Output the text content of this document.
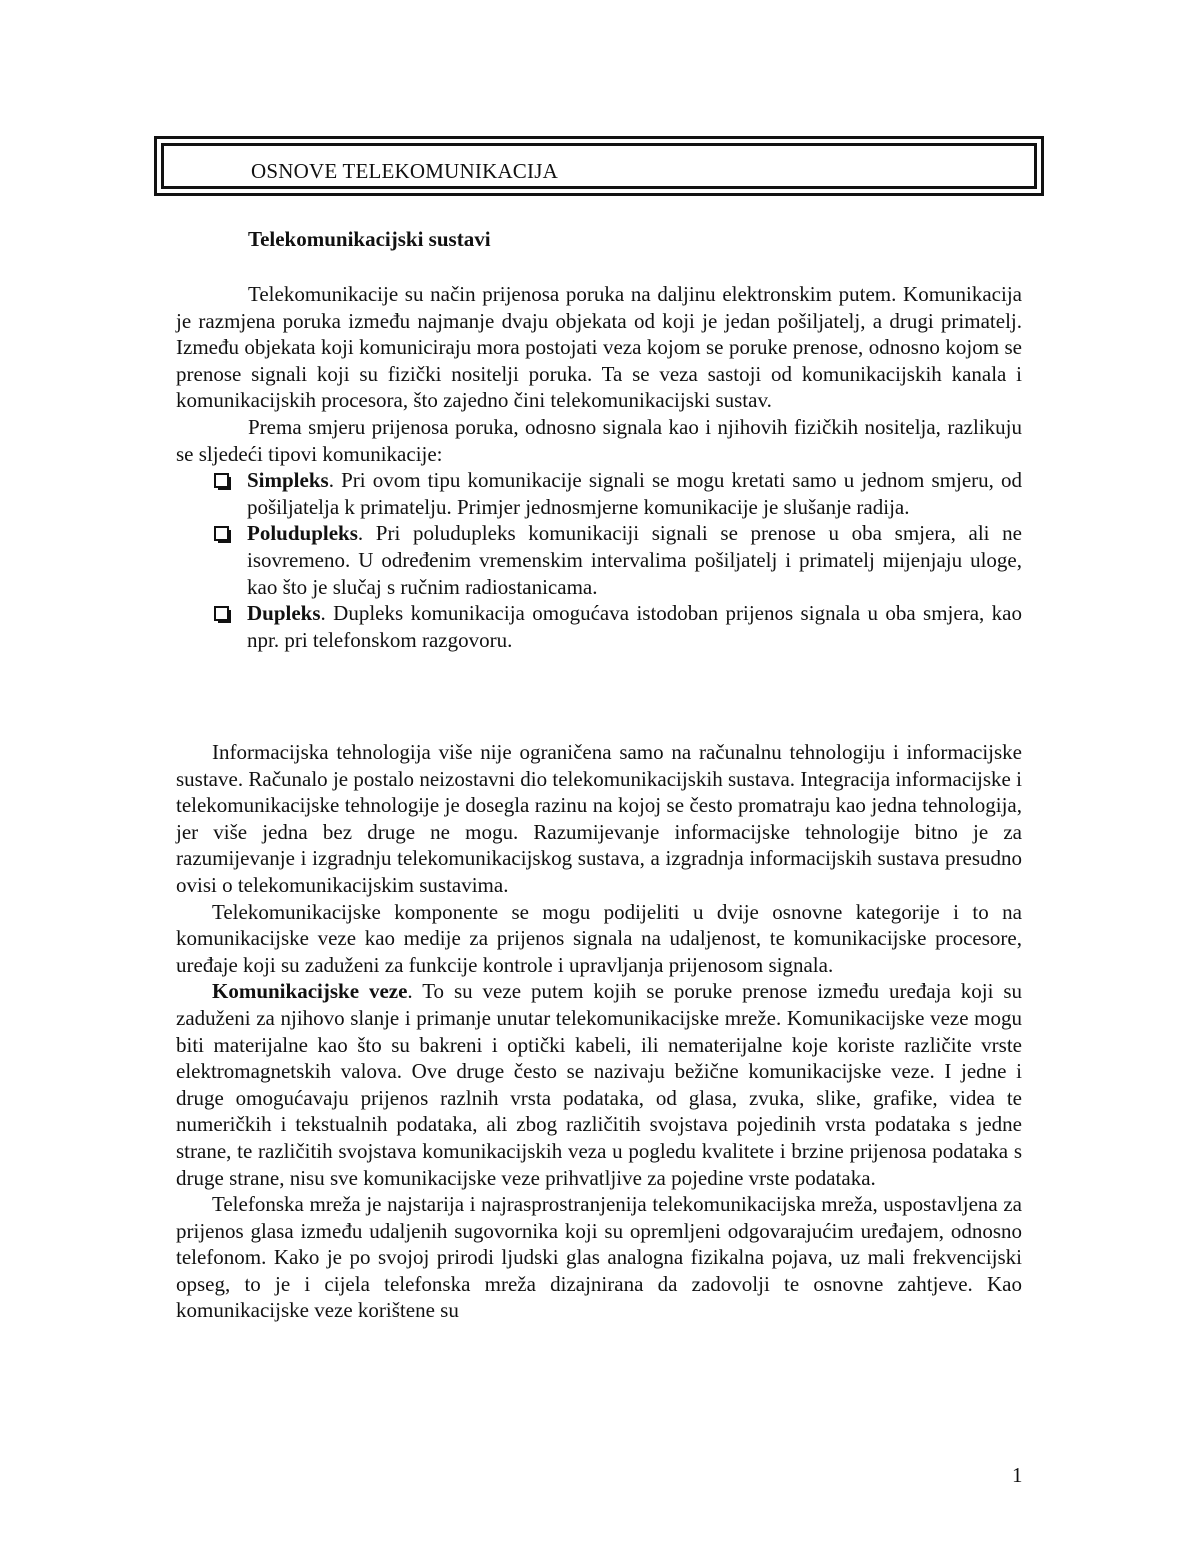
OSNOVE TELEKOMUNIKACIJA
Telekomunikacijski sustavi

Telekomunikacije su način prijenosa poruka na daljinu elektronskim putem. Komunikacija je razmjena poruka između najmanje dvaju objekata od koji je jedan pošiljatelj, a drugi primatelj. Između objekata koji komuniciraju mora postojati veza kojom se poruke prenose, odnosno kojom se prenose signali koji su fizički nositelji poruka. Ta se veza sastoji od komunikacijskih kanala i komunikacijskih procesora, što zajedno čini telekomunikacijski sustav.

Prema smjeru prijenosa poruka, odnosno signala kao i njihovih fizičkih nositelja, razlikuju se sljedeći tipovi komunikacije:

Simpleks. Pri ovom tipu komunikacije signali se mogu kretati samo u jednom smjeru, od pošiljatelja k primatelju. Primjer jednosmjerne komunikacije je slušanje radija.
Poludupleks. Pri poludupleks komunikaciji signali se prenose u oba smjera, ali ne isovremeno. U određenim vremenskim intervalima pošiljatelj i primatelj mijenjaju uloge, kao što je slučaj s ručnim radiostanicama.
Dupleks. Dupleks komunikacija omogućava istodoban prijenos signala u oba smjera, kao npr. pri telefonskom razgovoru.

Informacijska tehnologija više nije ograničena samo na računalnu tehnologiju i informacijske sustave. Računalo je postalo neizostavni dio telekomunikacijskih sustava. Integracija informacijske i telekomunikacijske tehnologije je dosegla razinu na kojoj se često promatraju kao jedna tehnologija, jer više jedna bez druge ne mogu. Razumijevanje informacijske tehnologije bitno je za razumijevanje i izgradnju telekomunikacijskog sustava, a izgradnja informacijskih sustava presudno ovisi o telekomunikacijskim sustavima.

Telekomunikacijske komponente se mogu podijeliti u dvije osnovne kategorije i to na komunikacijske veze kao medije za prijenos signala na udaljenost, te komunikacijske procesore, uređaje koji su zaduženi za funkcije kontrole i upravljanja prijenosom signala.

Komunikacijske veze. To su veze putem kojih se poruke prenose između uređaja koji su zaduženi za njihovo slanje i primanje unutar telekomunikacijske mreže. Komunikacijske veze mogu biti materijalne kao što su bakreni i optički kabeli, ili nematerijalne koje koriste različite vrste elektromagnetskih valova. Ove druge često se nazivaju bežične komunikacijske veze. I jedne i druge omogućavaju prijenos razlnih vrsta podataka, od glasa, zvuka, slike, grafike, videa te numeričkih i tekstualnih podataka, ali zbog različitih svojstava pojedinih vrsta podataka s jedne strane, te različitih svojstava komunikacijskih veza u pogledu kvalitete i brzine prijenosa podataka s druge strane, nisu sve komunikacijske veze prihvatljive za pojedine vrste podataka.

Telefonska mreža je najstarija i najrasprostranjenija telekomunikacijska mreža, uspostavljena za prijenos glasa između udaljenih sugovornika koji su opremljeni odgovarajućim uređajem, odnosno telefonom. Kako je po svojoj prirodi ljudski glas analogna fizikalna pojava, uz mali frekvencijski opseg, to je i cijela telefonska mreža dizajnirana da zadovolji te osnovne zahtjeve. Kao komunikacijske veze korištene su

1
